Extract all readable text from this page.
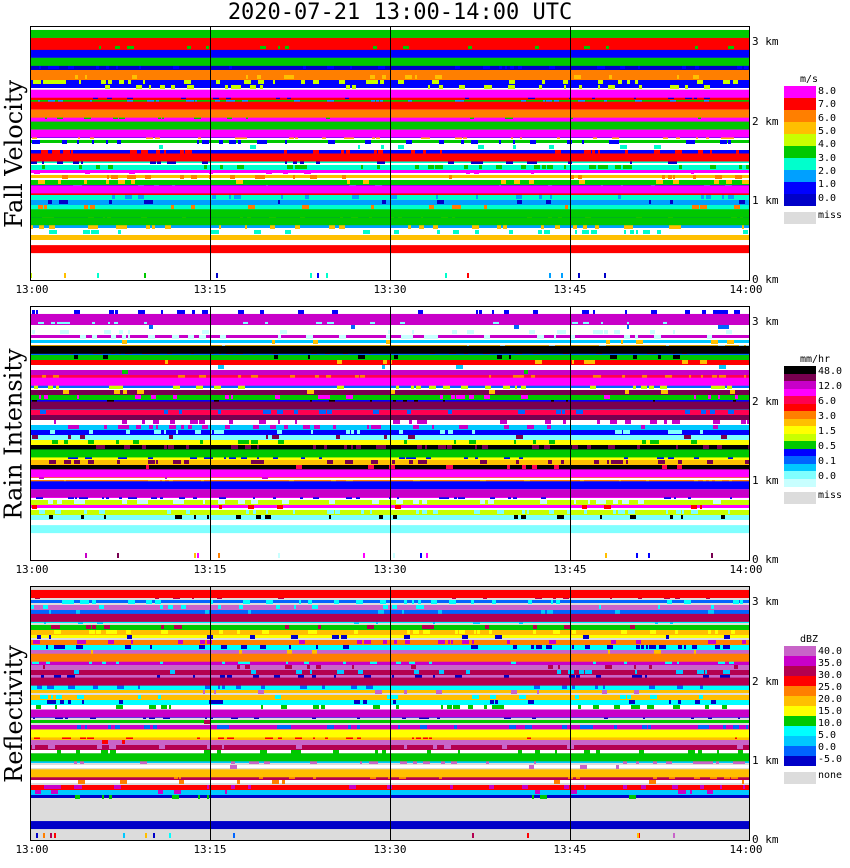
2020-07-21 13:00-14:00 UTC
Fall Velocity
13:00	13:15	13:30	13:45	14:00
3 km
2 km
1 km
0 km
m/s
8.0
7.0
6.0
5.0
4.0
3.0
2.0
1.0
0.0
miss
Rain Intensity
13:00	13:15	13:30	13:45	14:00
3 km
2 km
1 km
0 km
mm/hr
48.0
12.0
6.0
3.0
1.5
0.5
0.1
0.0
miss
Reflectivity
13:00	13:15	13:30	13:45	14:00
3 km
2 km
1 km
0 km
dBZ
40.0
35.0
30.0
25.0
20.0
15.0
10.0
5.0
0.0
-5.0
none
